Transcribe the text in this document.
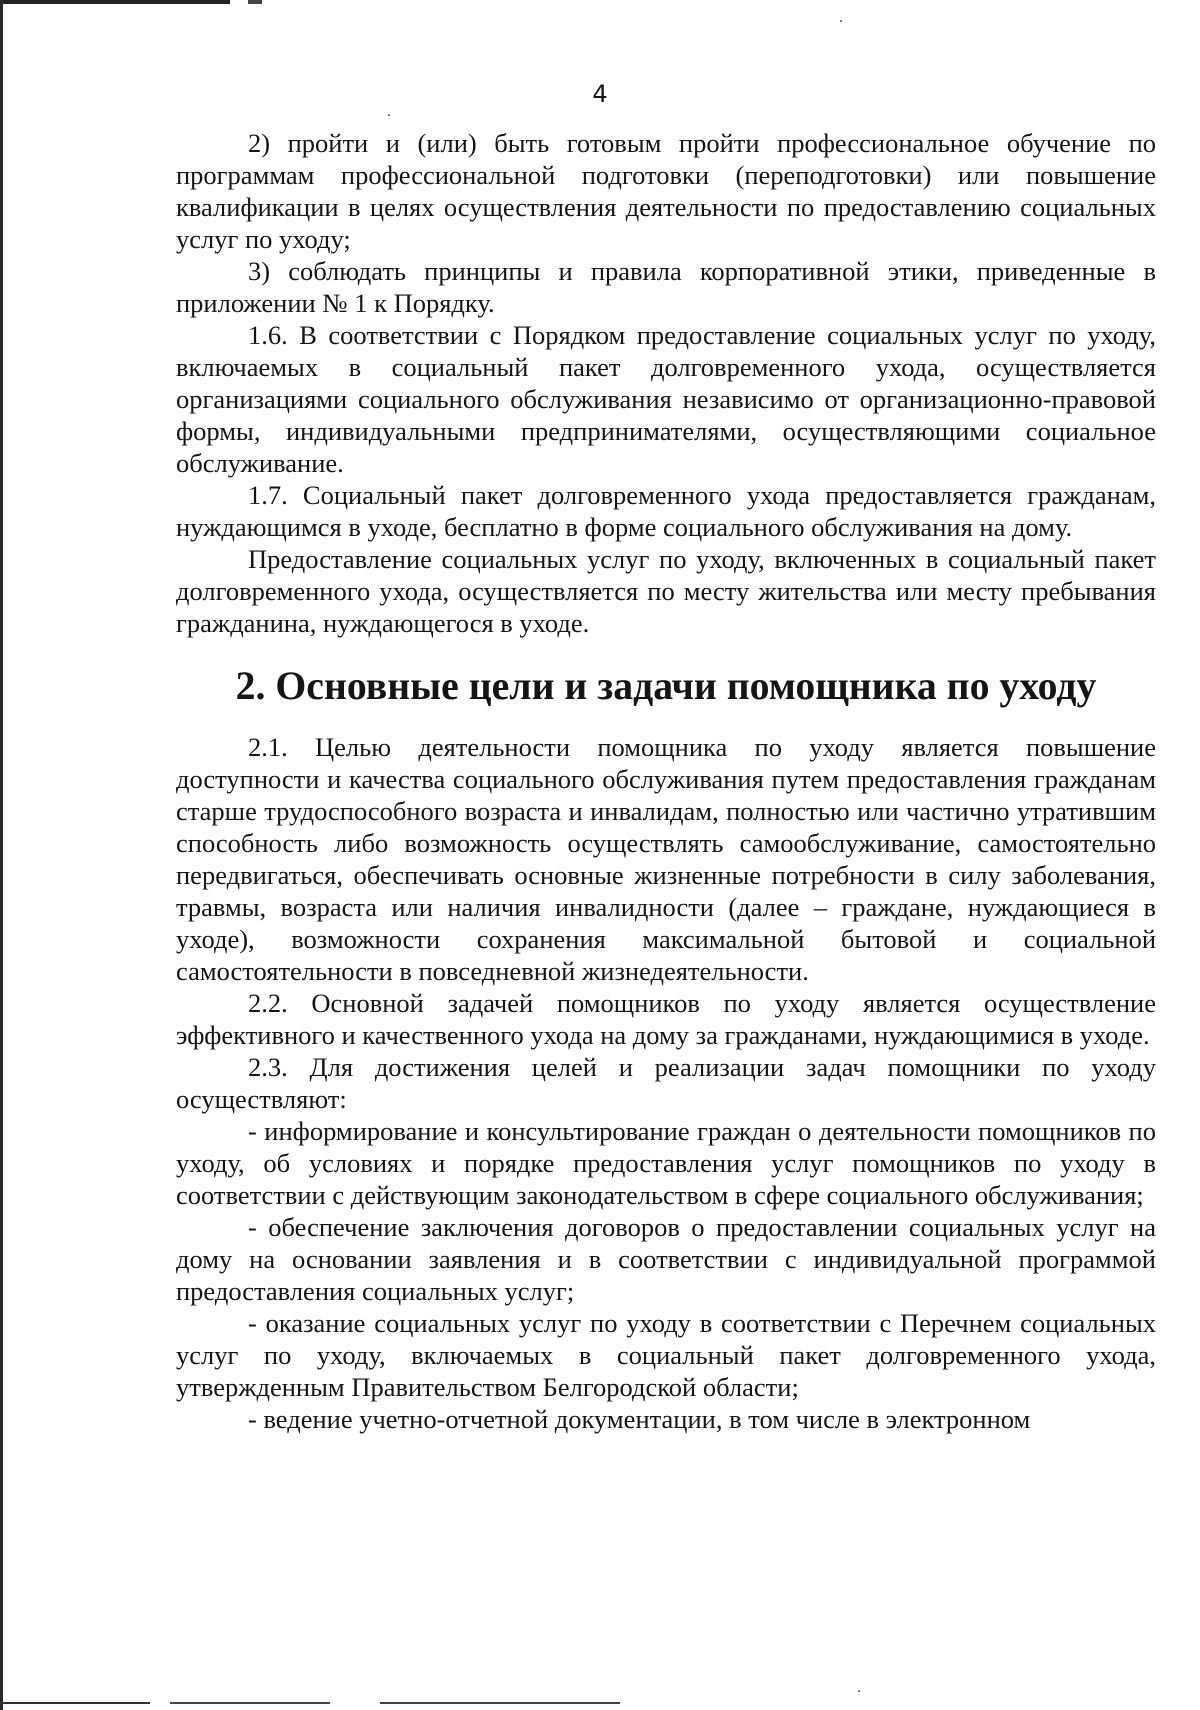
4

2) пройти и (или) быть готовым пройти профессиональное обучение по программам профессиональной подготовки (переподготовки) или повышение квалификации в целях осуществления деятельности по предоставлению социальных услуг по уходу;

3) соблюдать принципы и правила корпоративной этики, приведенные в приложении № 1 к Порядку.

1.6. В соответствии с Порядком предоставление социальных услуг по уходу, включаемых в социальный пакет долговременного ухода, осуществляется организациями социального обслуживания независимо от организационно-правовой формы, индивидуальными предпринимателями, осуществляющими социальное обслуживание.

1.7. Социальный пакет долговременного ухода предоставляется гражданам, нуждающимся в уходе, бесплатно в форме социального обслуживания на дому.

Предоставление социальных услуг по уходу, включенных в социальный пакет долговременного ухода, осуществляется по месту жительства или месту пребывания гражданина, нуждающегося в уходе.

2. Основные цели и задачи помощника по уходу

2.1. Целью деятельности помощника по уходу является повышение доступности и качества социального обслуживания путем предоставления гражданам старше трудоспособного возраста и инвалидам, полностью или частично утратившим способность либо возможность осуществлять самообслуживание, самостоятельно передвигаться, обеспечивать основные жизненные потребности в силу заболевания, травмы, возраста или наличия инвалидности (далее – граждане, нуждающиеся в уходе), возможности сохранения максимальной бытовой и социальной самостоятельности в повседневной жизнедеятельности.

2.2. Основной задачей помощников по уходу является осуществление эффективного и качественного ухода на дому за гражданами, нуждающимися в уходе.

2.3. Для достижения целей и реализации задач помощники по уходу осуществляют:

- информирование и консультирование граждан о деятельности помощников по уходу, об условиях и порядке предоставления услуг помощников по уходу в соответствии с действующим законодательством в сфере социального обслуживания;

- обеспечение заключения договоров о предоставлении социальных услуг на дому на основании заявления и в соответствии с индивидуальной программой предоставления социальных услуг;

- оказание социальных услуг по уходу в соответствии с Перечнем социальных услуг по уходу, включаемых в социальный пакет долговременного ухода, утвержденным Правительством Белгородской области;

- ведение учетно-отчетной документации, в том числе в электронном
